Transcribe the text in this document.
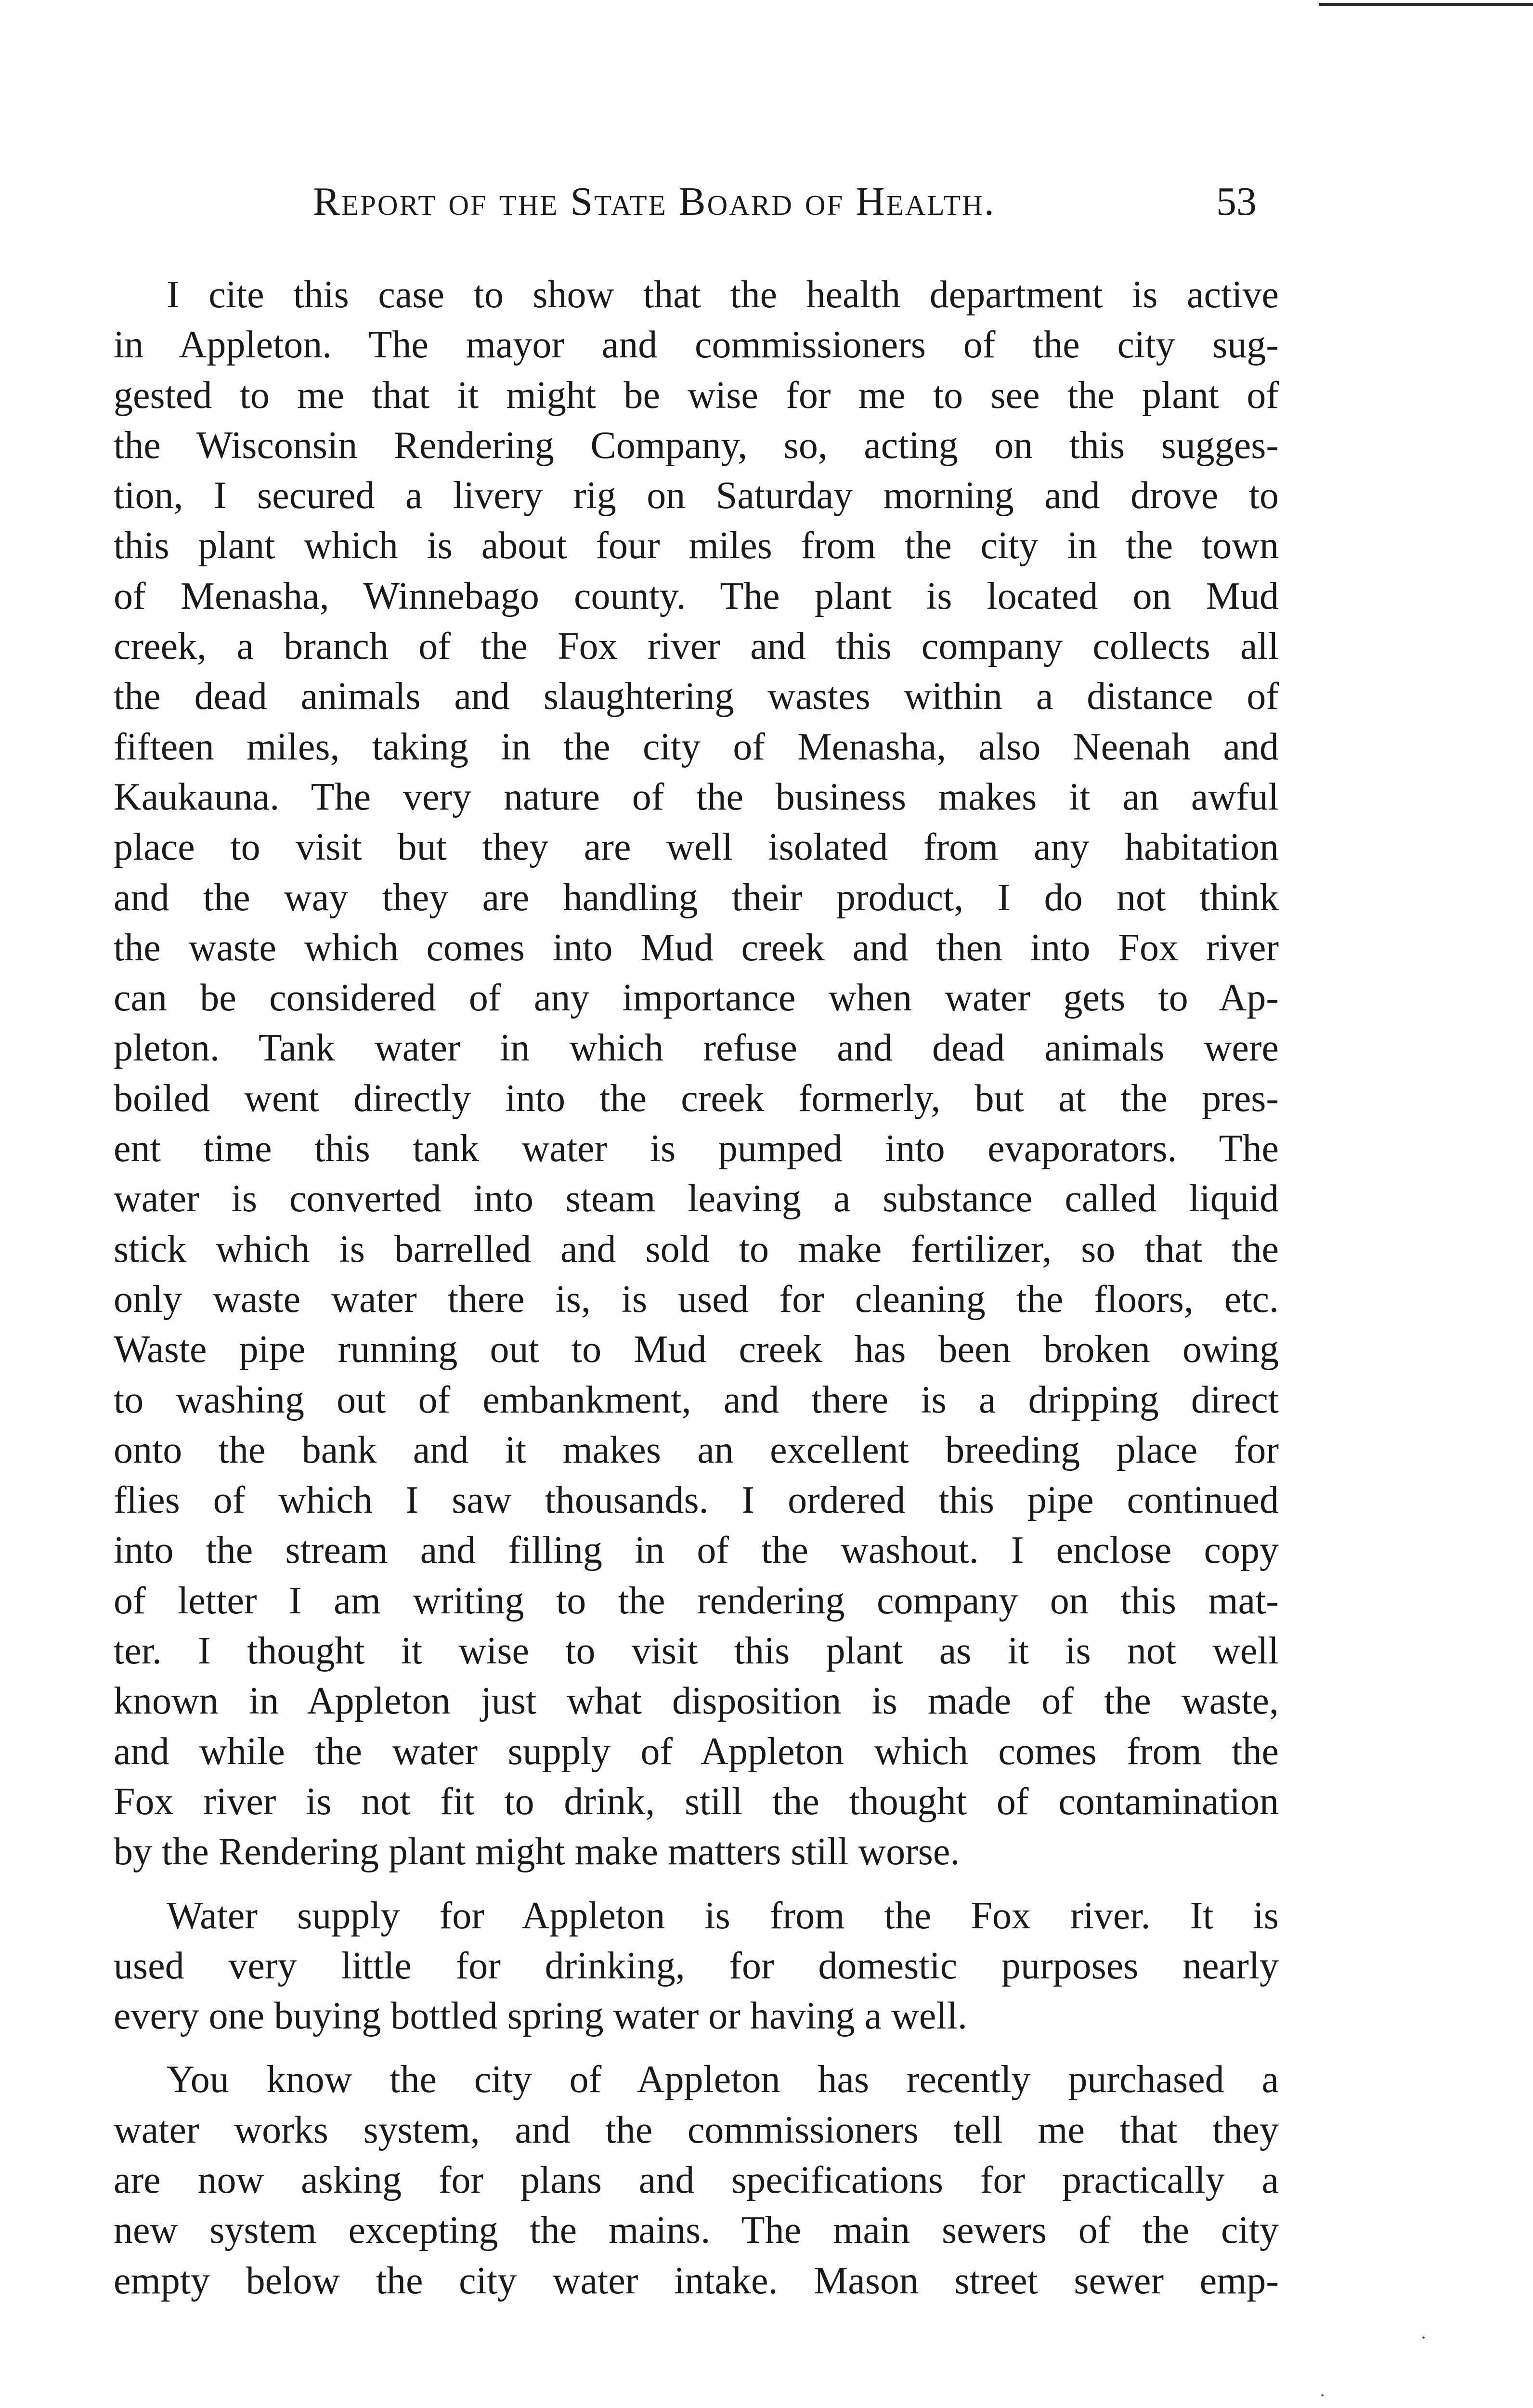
Report of the State Board of Health.	53
I cite this case to show that the health department is active
in Appleton. The mayor and commissioners of the city sug-
gested to me that it might be wise for me to see the plant of
the Wisconsin Rendering Company, so, acting on this sugges-
tion, I secured a livery rig on Saturday morning and drove to
this plant which is about four miles from the city in the town
of Menasha, Winnebago county. The plant is located on Mud
creek, a branch of the Fox river and this company collects all
the dead animals and slaughtering wastes within a distance of
fifteen miles, taking in the city of Menasha, also Neenah and
Kaukauna. The very nature of the business makes it an awful
place to visit but they are well isolated from any habitation
and the way they are handling their product, I do not think
the waste which comes into Mud creek and then into Fox river
can be considered of any importance when water gets to Ap-
pleton. Tank water in which refuse and dead animals were
boiled went directly into the creek formerly, but at the pres-
ent time this tank water is pumped into evaporators. The
water is converted into steam leaving a substance called liquid
stick which is barrelled and sold to make fertilizer, so that the
only waste water there is, is used for cleaning the floors, etc.
Waste pipe running out to Mud creek has been broken owing
to washing out of embankment, and there is a dripping direct
onto the bank and it makes an excellent breeding place for
flies of which I saw thousands. I ordered this pipe continued
into the stream and filling in of the washout. I enclose copy
of letter I am writing to the rendering company on this mat-
ter. I thought it wise to visit this plant as it is not well
known in Appleton just what disposition is made of the waste,
and while the water supply of Appleton which comes from the
Fox river is not fit to drink, still the thought of contamination
by the Rendering plant might make matters still worse.
Water supply for Appleton is from the Fox river. It is
used very little for drinking, for domestic purposes nearly
every one buying bottled spring water or having a well.
You know the city of Appleton has recently purchased a
water works system, and the commissioners tell me that they
are now asking for plans and specifications for practically a
new system excepting the mains. The main sewers of the city
empty below the city water intake. Mason street sewer emp-
·
·
